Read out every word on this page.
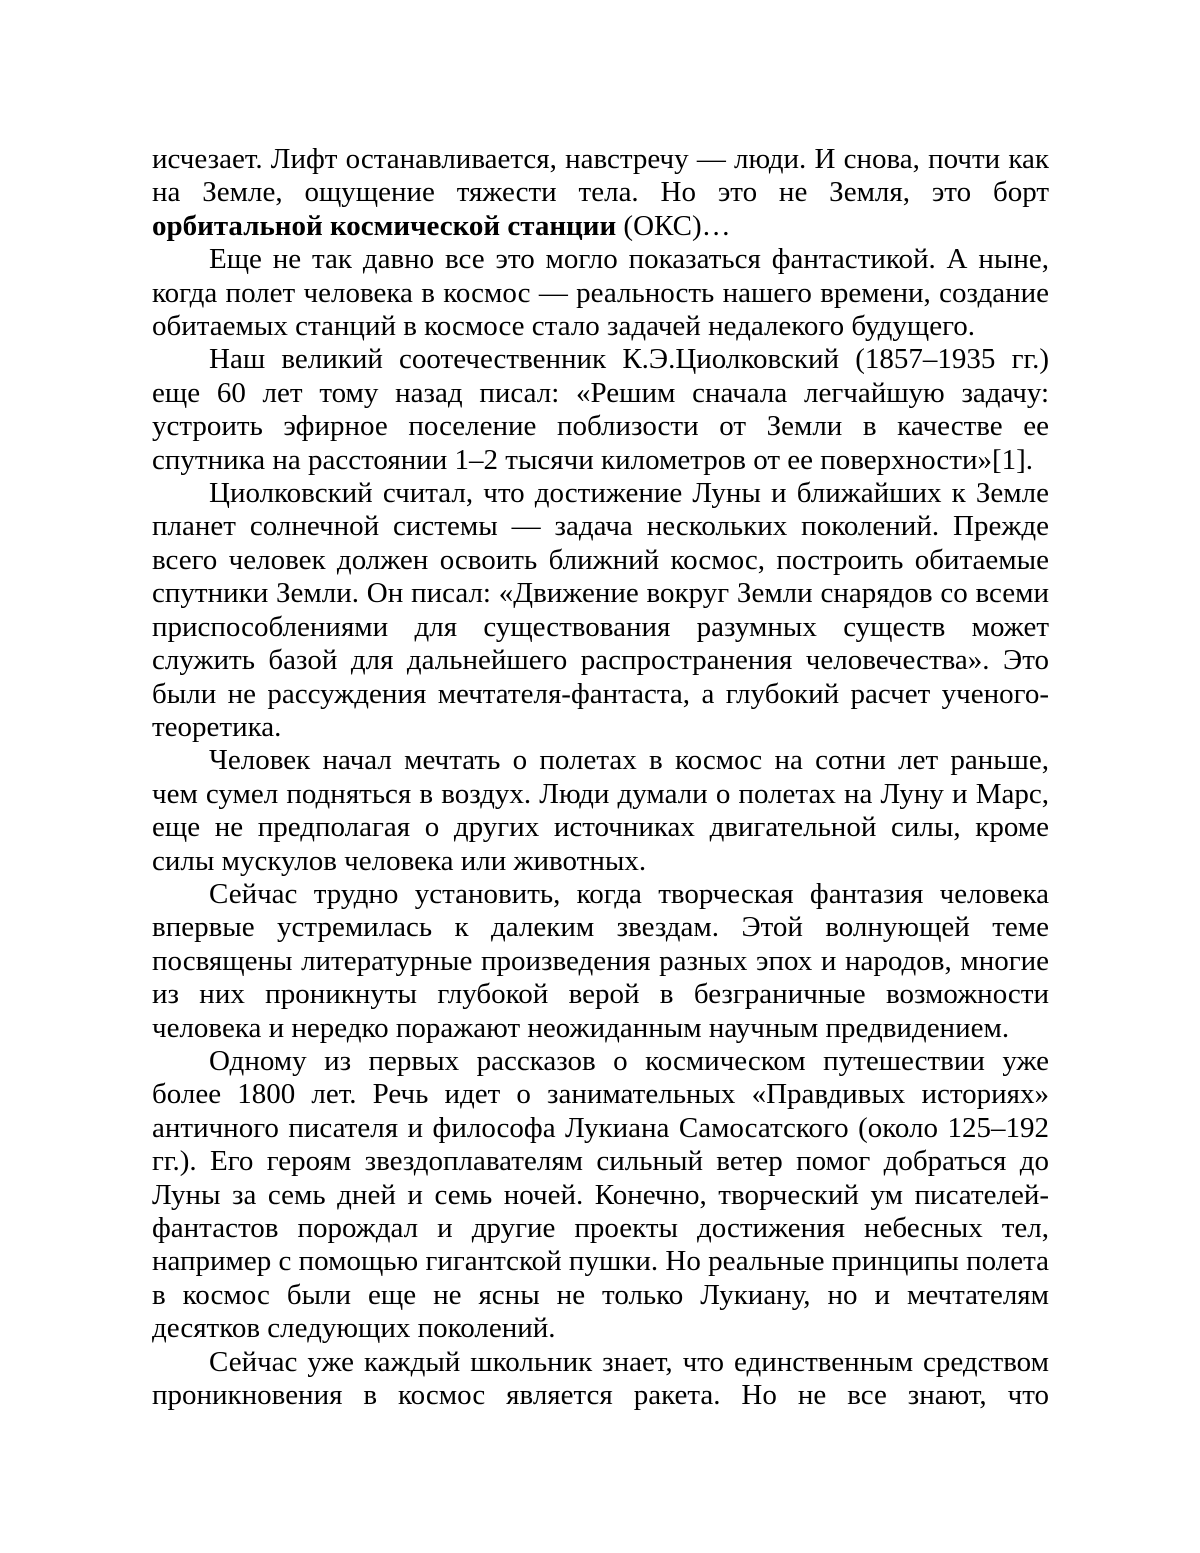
исчезает. Лифт останавливается, навстречу — люди. И снова, почти как на Земле, ощущение тяжести тела. Но это не Земля, это борт орбитальной космической станции (ОКС)…

Еще не так давно все это могло показаться фантастикой. А ныне, когда полет человека в космос — реальность нашего времени, создание обитаемых станций в космосе стало задачей недалекого будущего.

Наш великий соотечественник К.Э.Циолковский (1857–1935 гг.) еще 60 лет тому назад писал: «Решим сначала легчайшую задачу: устроить эфирное поселение поблизости от Земли в качестве ее спутника на расстоянии 1–2 тысячи километров от ее поверхности»[1].

Циолковский считал, что достижение Луны и ближайших к Земле планет солнечной системы — задача нескольких поколений. Прежде всего человек должен освоить ближний космос, построить обитаемые спутники Земли. Он писал: «Движение вокруг Земли снарядов со всеми приспособлениями для существования разумных существ может служить базой для дальнейшего распространения человечества». Это были не рассуждения мечтателя-фантаста, а глубокий расчет ученого-теоретика.

Человек начал мечтать о полетах в космос на сотни лет раньше, чем сумел подняться в воздух. Люди думали о полетах на Луну и Марс, еще не предполагая о других источниках двигательной силы, кроме силы мускулов человека или животных.

Сейчас трудно установить, когда творческая фантазия человека впервые устремилась к далеким звездам. Этой волнующей теме посвящены литературные произведения разных эпох и народов, многие из них проникнуты глубокой верой в безграничные возможности человека и нередко поражают неожиданным научным предвидением.

Одному из первых рассказов о космическом путешествии уже более 1800 лет. Речь идет о занимательных «Правдивых историях» античного писателя и философа Лукиана Самосатского (около 125–192 гг.). Его героям звездоплавателям сильный ветер помог добраться до Луны за семь дней и семь ночей. Конечно, творческий ум писателей-фантастов порождал и другие проекты достижения небесных тел, например с помощью гигантской пушки. Но реальные принципы полета в космос были еще не ясны не только Лукиану, но и мечтателям десятков следующих поколений.

Сейчас уже каждый школьник знает, что единственным средством проникновения в космос является ракета. Но не все знают, что
